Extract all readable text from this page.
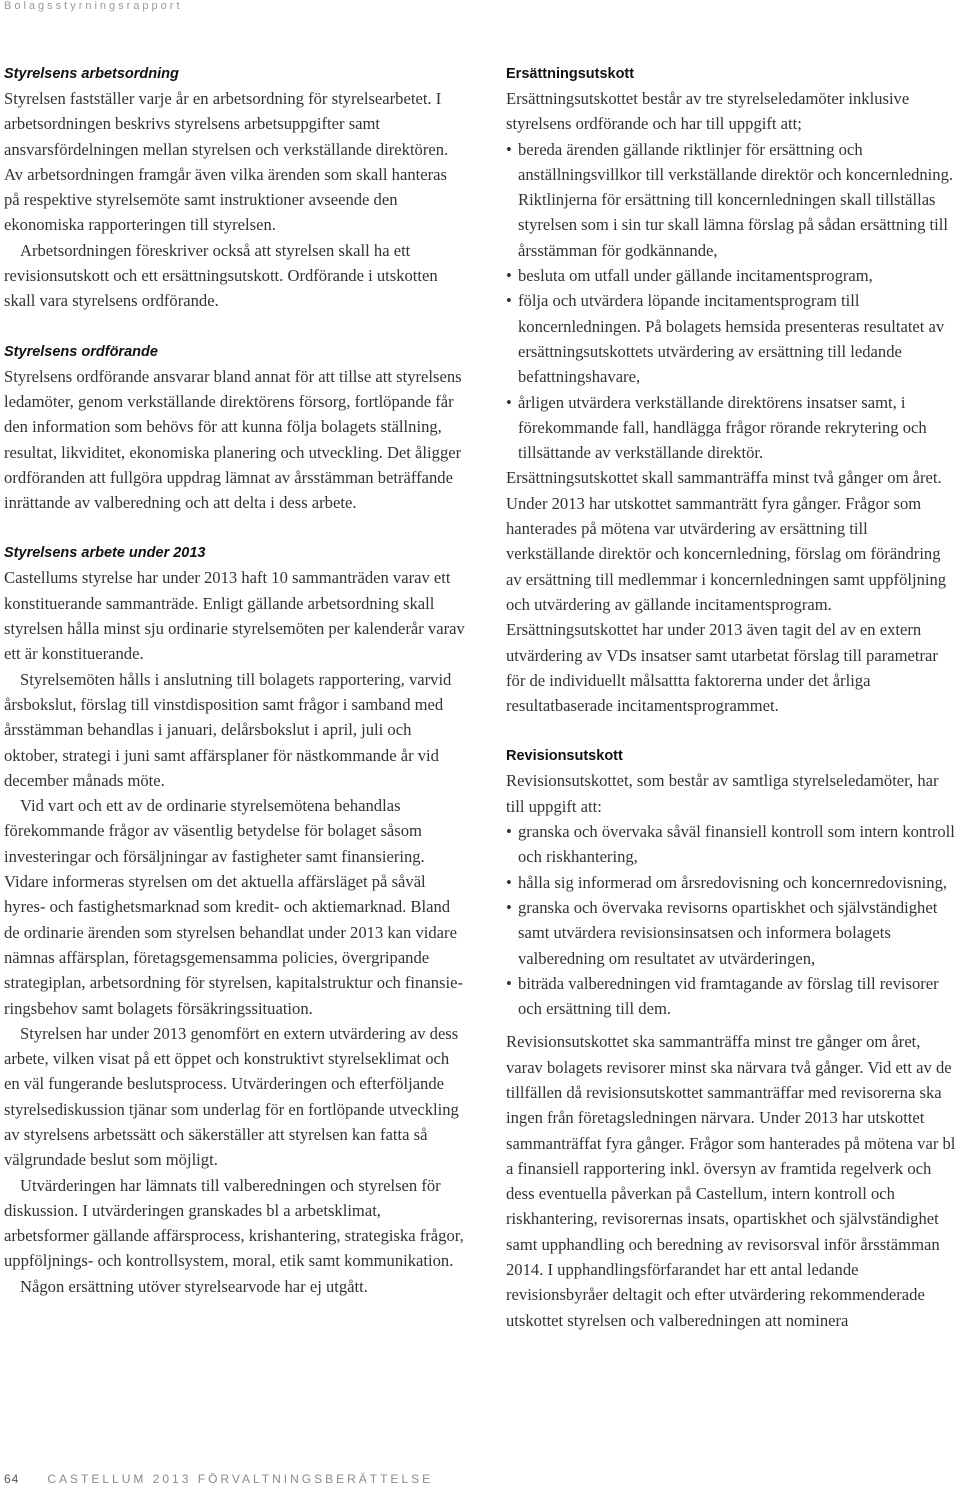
Bolagsstyrningsrapport
Styrelsens arbetsordning

Styrelsen fastställer varje år en arbetsordning för styrelsearbetet. I arbetsordningen beskrivs styrelsens arbetsuppgifter samt ansvarsfördelningen mellan styrelsen och verkställande direktören. Av arbetsordningen framgår även vilka ärenden som skall hanteras på respektive styrelsemöte samt instruktioner avseende den ekonomiska rapporteringen till styrelsen.

Arbetsordningen föreskriver också att styrelsen skall ha ett revisionsutskott och ett ersättningsutskott. Ordförande i utskotten skall vara styrelsens ordförande.

Styrelsens ordförande

Styrelsens ordförande ansvarar bland annat för att tillse att styrelsens ledamöter, genom verkställande direktörens försorg, fortlöpande får den information som behövs för att kunna följa bolagets ställning, resultat, likviditet, ekonomiska planering och utveckling. Det åligger ordföranden att fullgöra uppdrag lämnat av årsstämman beträffande inrättande av valberedning och att delta i dess arbete.

Styrelsens arbete under 2013

Castellums styrelse har under 2013 haft 10 sammanträden varav ett konstituerande sammanträde. Enligt gällande arbetsordning skall styrelsen hålla minst sju ordinarie styrelsemöten per kalenderår varav ett är konstituerande.

Styrelsemöten hålls i anslutning till bolagets rapportering, varvid årsbokslut, förslag till vinstdisposition samt frågor i samband med årsstämman behandlas i januari, delårsbokslut i april, juli och oktober, strategi i juni samt affärsplaner för nästkommande år vid december månads möte.

Vid vart och ett av de ordinarie styrelsemötena behandlas förekommande frågor av väsentlig betydelse för bolaget såsom investeringar och försäljningar av fastigheter samt finansiering. Vidare informeras styrelsen om det aktuella affärsläget på såväl hyres- och fastighetsmarknad som kredit- och aktiemarknad. Bland de ordinarie ärenden som styrelsen behandlat under 2013 kan vidare nämnas affärsplan, företagsgemensamma policies, övergripande strategiplan, arbetsordning för styrelsen, kapitalstruktur och finansieringsbehov samt bolagets försäkringssituation.

Styrelsen har under 2013 genomfört en extern utvärdering av dess arbete, vilken visat på ett öppet och konstruktivt styrelseklimat och en väl fungerande beslutsprocess. Utvärderingen och efterföljande styrelsediskussion tjänar som underlag för en fortlöpande utveckling av styrelsens arbetssätt och säkerställer att styrelsen kan fatta så välgrundade beslut som möjligt.

Utvärderingen har lämnats till valberedningen och styrelsen för diskussion. I utvärderingen granskades bl a arbetsklimat, arbetsformer gällande affärsprocess, krishantering, strategiska frågor, uppföljnings- och kontrollsystem, moral, etik samt kommunikation.

Någon ersättning utöver styrelsearvode har ej utgått.

Ersättningsutskott

Ersättningsutskottet består av tre styrelseledamöter inklusive styrelsens ordförande och har till uppgift att;

• bereda ärenden gällande riktlinjer för ersättning och anställningsvillkor till verkställande direktör och koncernledning. Riktlinjerna för ersättning till koncernledningen skall tillställas styrelsen som i sin tur skall lämna förslag på sådan ersättning till årsstämman för godkännande,
• besluta om utfall under gällande incitamentsprogram,
• följa och utvärdera löpande incitamentsprogram till koncernledningen. På bolagets hemsida presenteras resultatet av ersättningsutskottets utvärdering av ersättning till ledande befattningshavare,
• årligen utvärdera verkställande direktörens insatser samt, i förekommande fall, handlägga frågor rörande rekrytering och tillsättande av verkställande direktör.

Ersättningsutskottet skall sammanträffa minst två gånger om året. Under 2013 har utskottet sammanträtt fyra gånger. Frågor som hanterades på mötena var utvärdering av ersättning till verkställande direktör och koncernledning, förslag om förändring av ersättning till medlemmar i koncernledningen samt uppföljning och utvärdering av gällande incitamentsprogram. Ersättningsutskottet har under 2013 även tagit del av en extern utvärdering av VDs insatser samt utarbetat förslag till parametrar för de individuellt målsattta faktorerna under det årliga resultatbaserade incitamentsprogrammet.

Revisionsutskott

Revisionsutskottet, som består av samtliga styrelseledamöter, har till uppgift att:

• granska och övervaka såväl finansiell kontroll som intern kontroll och riskhantering,
• hålla sig informerad om årsredovisning och koncernredovisning,
• granska och övervaka revisorns opartiskhet och självständighet samt utvärdera revisionsinsatsen och informera bolagets valberedning om resultatet av utvärderingen,
• biträda valberedningen vid framtagande av förslag till revisorer och ersättning till dem.

Revisionsutskottet ska sammanträffa minst tre gånger om året, varav bolagets revisorer minst ska närvara två gånger. Vid ett av de tillfällen då revisionsutskottet sammanträffar med revisorerna ska ingen från företagsledningen närvara. Under 2013 har utskottet sammanträffat fyra gånger. Frågor som hanterades på mötena var bl a finansiell rapportering inkl. översyn av framtida regelverk och dess eventuella påverkan på Castellum, intern kontroll och riskhantering, revisorernas insats, opartiskhet och självständighet samt upphandling och beredning av revisorsval inför årsstämman 2014. I upphandlingsförfarandet har ett antal ledande revisionsbyråer deltagit och efter utvärdering rekommenderade utskottet styrelsen och valberedningen att nominera

64 CASTELLUM 2013 FÖRVALTNINGSBERÄTTELSE
